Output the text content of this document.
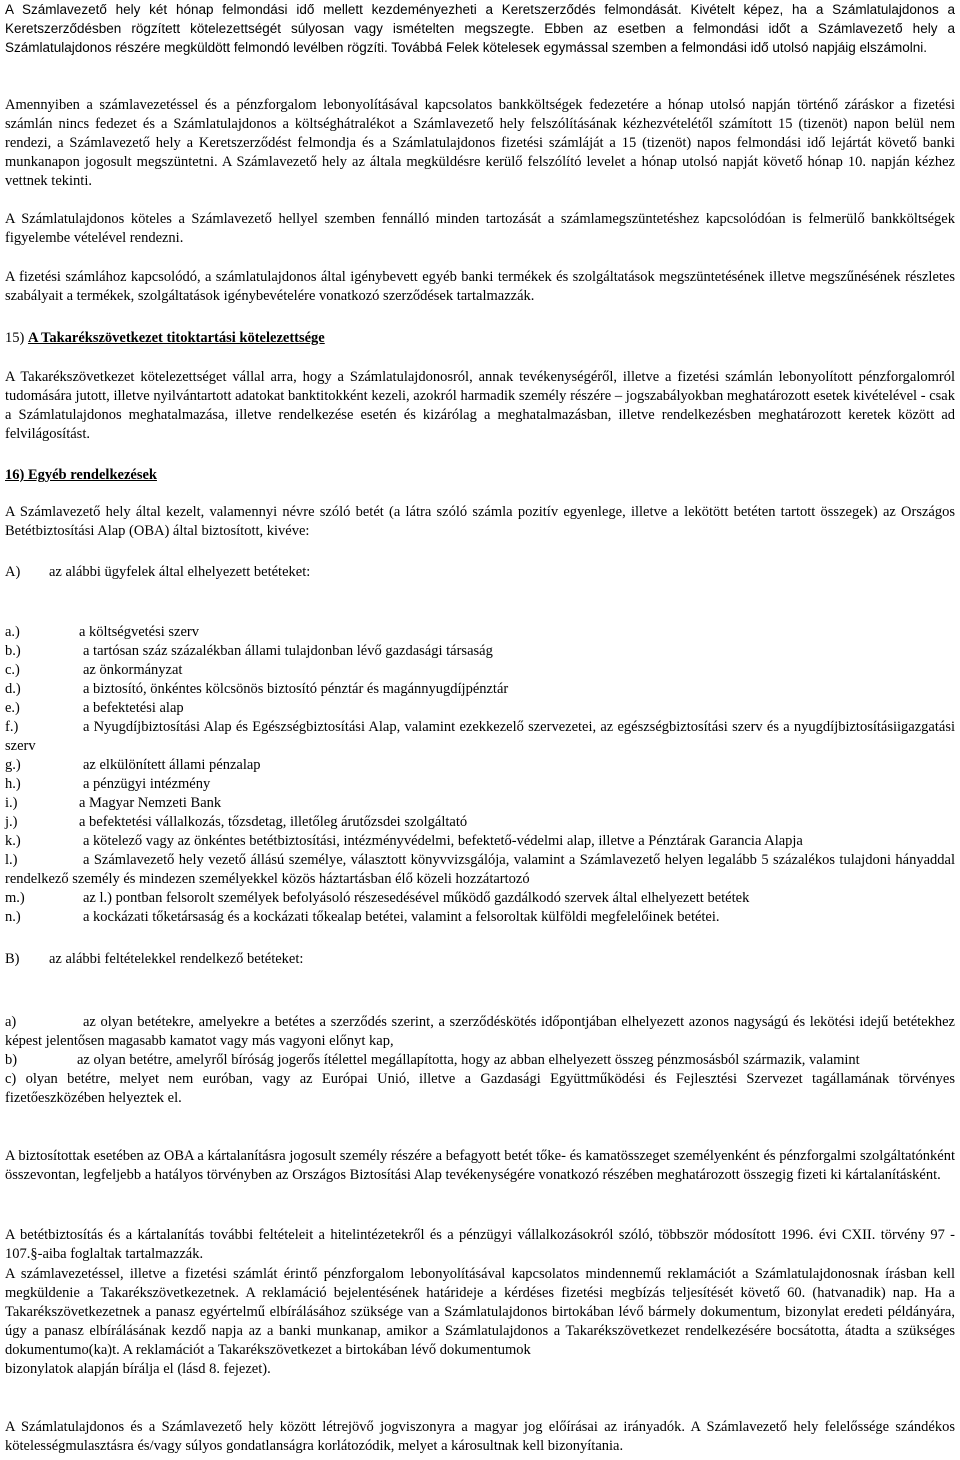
A Számlavezető hely két hónap felmondási idő mellett kezdeményezheti a Keretszerződés felmondását. Kivételt képez, ha a Számlatulajdonos a Keretszerződésben rögzített kötelezettségét súlyosan vagy ismételten megszegte. Ebben az esetben a felmondási időt a Számlavezető hely a Számlatulajdonos részére megküldött felmondó levélben rögzíti. Továbbá Felek kötelesek egymással szemben a felmondási idő utolsó napjáig elszámolni.

Amennyiben a számlavezetéssel és a pénzforgalom lebonyolításával kapcsolatos bankköltségek fedezetére a hónap utolsó napján történő záráskor a fizetési számlán nincs fedezet és a Számlatulajdonos a költséghátralékot a Számlavezető hely felszólításának kézhezvételétől számított 15 (tizenöt) napon belül nem rendezi, a Számlavezető hely a Keretszerződést felmondja és a Számlatulajdonos fizetési számláját a 15 (tizenöt) napos felmondási idő lejártát követő banki munkanapon jogosult megszüntetni. A Számlavezető hely az általa megküldésre kerülő felszólító levelet a hónap utolsó napját követő hónap 10. napján kézhez vettnek tekinti.

A Számlatulajdonos köteles a Számlavezető hellyel szemben fennálló minden tartozását a számlamegszüntetéshez kapcsolódóan is felmerülő bankköltségek figyelembe vételével rendezni.

A fizetési számlához kapcsolódó, a számlatulajdonos által igénybevett egyéb banki termékek és szolgáltatások megszüntetésének illetve megszűnésének részletes szabályait a termékek, szolgáltatások igénybevételére vonatkozó szerződések tartalmazzák.

15) A Takarékszövetkezet titoktartási kötelezettsége

A Takarékszövetkezet kötelezettséget vállal arra, hogy a Számlatulajdonosról, annak tevékenységéről, illetve a fizetési számlán lebonyolított pénzforgalomról tudomására jutott, illetve nyilvántartott adatokat banktitokként kezeli, azokról harmadik személy részére – jogszabályokban meghatározott esetek kivételével - csak a Számlatulajdonos meghatalmazása, illetve rendelkezése esetén és kizárólag a meghatalmazásban, illetve rendelkezésben meghatározott keretek között ad felvilágosítást.

16) Egyéb rendelkezések

A Számlavezető hely által kezelt, valamennyi névre szóló betét (a látra szóló számla pozitív egyenlege, illetve a lekötött betéten tartott összegek) az Országos Betétbiztosítási Alap (OBA) által biztosított, kivéve:

A) az alábbi ügyfelek által elhelyezett betéteket:
a.)	a költségvetési szerv
b.)	a tartósan száz százalékban állami tulajdonban lévő gazdasági társaság
c.)	az önkormányzat
d.)	a biztosító, önkéntes kölcsönös biztosító pénztár és magánnyugdíjpénztár
e.)	a befektetési alap
f.)	a Nyugdíjbiztosítási Alap és Egészségbiztosítási Alap, valamint ezekkezelő szervezetei, az egészségbiztosítási szerv és a nyugdíjbiztosításiigazgatási szerv
g.)	az elkülönített állami pénzalap
h.)	a pénzügyi intézmény
i.)	a Magyar Nemzeti Bank
j.)	a befektetési vállalkozás, tőzsdetag, illetőleg árutőzsdei szolgáltató
k.)	a kötelező vagy az önkéntes betétbiztosítási, intézményvédelmi, befektető-védelmi alap, illetve a Pénztárak Garancia Alapja
l.)	a Számlavezető hely vezető állású személye, választott könyvvizsgálója, valamint a Számlavezető helyen legalább 5 százalékos tulajdoni hányaddal rendelkező személy és mindezen személyekkel közös háztartásban élő közeli hozzátartozó
m.)	az l.) pontban felsorolt személyek befolyásoló részesedésével működő gazdálkodó szervek által elhelyezett betétek
n.)	a kockázati tőketársaság és a kockázati tőkealap betétei, valamint a felsoroltak külföldi megfelelőinek betétei.
B) az alábbi feltételekkel rendelkező betéteket:
a)	az olyan betétekre, amelyekre a betétes a szerződés szerint, a szerződéskötés időpontjában elhelyezett azonos nagyságú és lekötési idejű betétekhez képest jelentősen magasabb kamatot vagy más vagyoni előnyt kap,
b)	az olyan betétre, amelyről bíróság jogerős ítélettel megállapította, hogy az abban elhelyezett összeg pénzmosásból származik, valamint
c) olyan betétre, melyet nem euróban, vagy az Európai Unió, illetve a Gazdasági Együttműködési és Fejlesztési Szervezet tagállamának törvényes fizetőeszközében helyeztek el.

A biztosítottak esetében az OBA a kártalanításra jogosult személy részére a befagyott betét tőke- és kamatösszeget személyenként és pénzforgalmi szolgáltatónként összevontan, legfeljebb a hatályos törvényben az Országos Biztosítási Alap tevékenységére vonatkozó részében meghatározott összegig fizeti ki kártalanításként.

A betétbiztosítás és a kártalanítás további feltételeit a hitelintézetekről és a pénzügyi vállalkozásokról szóló, többször módosított 1996. évi CXII. törvény 97 - 107.§-aiba foglaltak tartalmazzák.

A számlavezetéssel, illetve a fizetési számlát érintő pénzforgalom lebonyolításával kapcsolatos mindennemű reklamációt a Számlatulajdonosnak írásban kell megküldenie a Takarékszövetkezetnek. A reklamáció bejelentésének határideje a kérdéses fizetési megbízás teljesítését követő 60. (hatvanadik) nap. Ha a Takarékszövetkezetnek a panasz egyértelmű elbírálásához szüksége van a Számlatulajdonos birtokában lévő bármely dokumentum, bizonylat eredeti példányára, úgy a panasz elbírálásának kezdő napja az a banki munkanap, amikor a Számlatulajdonos a Takarékszövetkezet rendelkezésére bocsátotta, átadta a szükséges dokumentumo(ka)t. A reklamációt a Takarékszövetkezet a birtokában lévő dokumentumok

bizonylatok alapján bírálja el (lásd 8. fejezet).

A Számlatulajdonos és a Számlavezető hely között létrejövő jogviszonyra a magyar jog előírásai az irányadók. A Számlavezető hely felelőssége szándékos kötelességmulasztásra és/vagy súlyos gondatlanságra korlátozódik, melyet a károsultnak kell bizonyítania.
